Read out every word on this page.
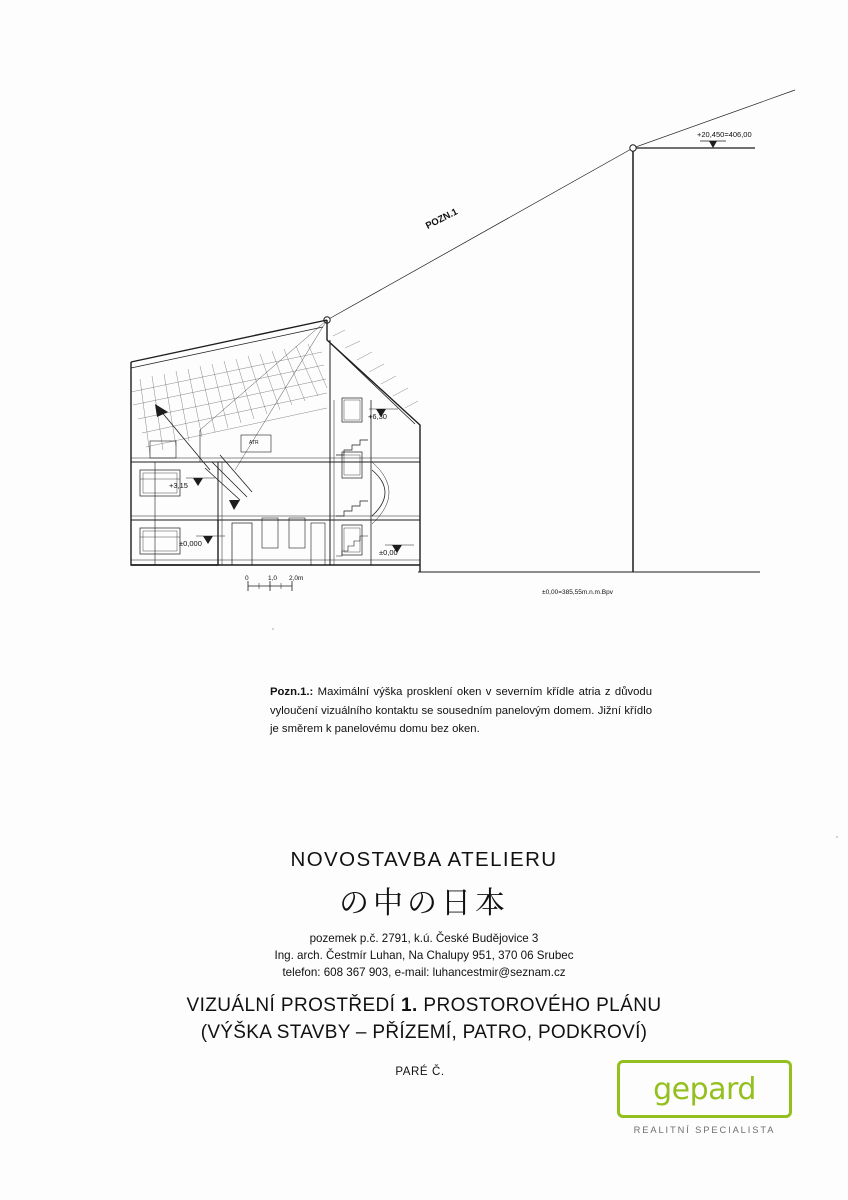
+20,450=406,00
POZN.1
+6,30
+3,15
±0,000
±0,00
±0,00=385,55m.n.m.Bpv
ATR
0	1,0 2,0m

Pozn.1.: Maximální výška prosklení oken v severním křídle atria z důvodu vyloučení vizuálního kontaktu se sousedním panelovým domem. Jižní křídlo je směrem k panelovému domu bez oken.

NOVOSTAVBA ATELIERU
の中の日本
pozemek p.č. 2791, k.ú. České Budějovice 3
Ing. arch. Čestmír Luhan, Na Chalupy 951, 370 06 Srubec
telefon: 608 367 903, e-mail: luhancestmir@seznam.cz
VIZUÁLNÍ PROSTŘEDÍ 1. PROSTOROVÉHO PLÁNU
(VÝŠKA STAVBY – PŘÍZEMÍ, PATRO, PODKROVÍ)
PARÉ Č.	gepard
REALITNÍ SPECIALISTA
